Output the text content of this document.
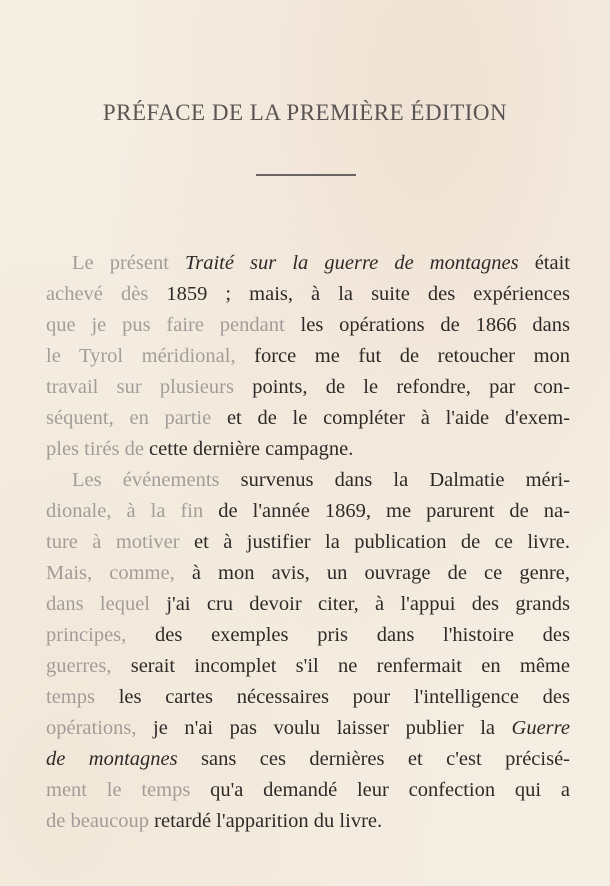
PRÉFACE DE LA PREMIÈRE ÉDITION
Le présent Traité sur la guerre de montagnes était
achevé dès 1859 ; mais, à la suite des expériences
que je pus faire pendant les opérations de 1866 dans
le Tyrol méridional, force me fut de retoucher mon
travail sur plusieurs points, de le refondre, par con-
séquent, en partie et de le compléter à l'aide d'exem-
ples tirés de cette dernière campagne.
Les événements survenus dans la Dalmatie méri-
dionale, à la fin de l'année 1869, me parurent de na-
ture à motiver et à justifier la publication de ce livre.
Mais, comme, à mon avis, un ouvrage de ce genre,
dans lequel j'ai cru devoir citer, à l'appui des grands
principes, des exemples pris dans l'histoire des
guerres, serait incomplet s'il ne renfermait en même
temps les cartes nécessaires pour l'intelligence des
opérations, je n'ai pas voulu laisser publier la Guerre
de montagnes sans ces dernières et c'est précisé-
ment le temps qu'a demandé leur confection qui a
de beaucoup retardé l'apparition du livre.
